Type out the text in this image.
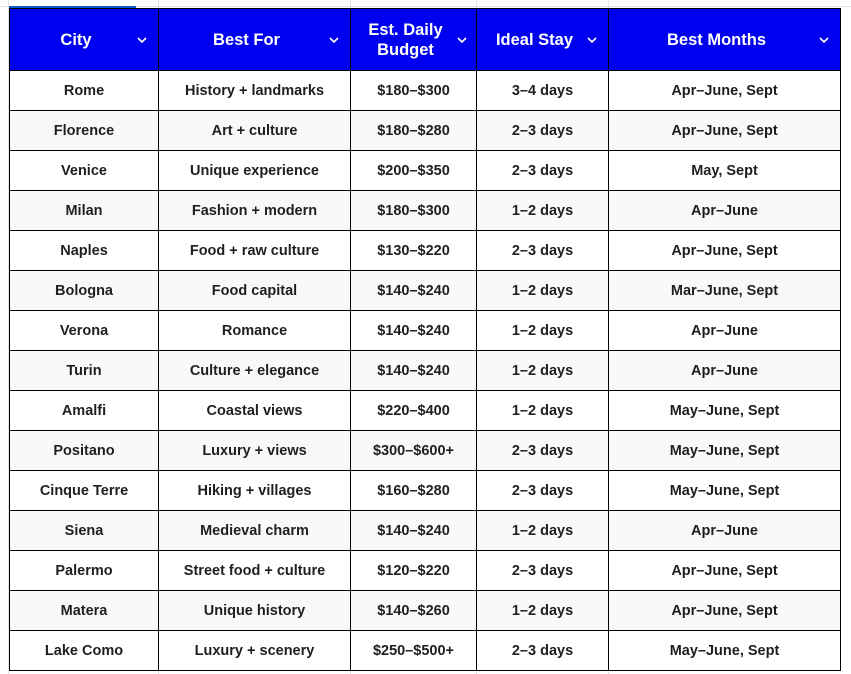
City	Best For	Est. Daily Budget	Ideal Stay	Best Months

Rome	History + landmarks	$180–$300	3–4 days	Apr–June, Sept
Florence	Art + culture	$180–$280	2–3 days	Apr–June, Sept
Venice	Unique experience	$200–$350	2–3 days	May, Sept
Milan	Fashion + modern	$180–$300	1–2 days	Apr–June
Naples	Food + raw culture	$130–$220	2–3 days	Apr–June, Sept
Bologna	Food capital	$140–$240	1–2 days	Mar–June, Sept
Verona	Romance	$140–$240	1–2 days	Apr–June
Turin	Culture + elegance	$140–$240	1–2 days	Apr–June
Amalfi	Coastal views	$220–$400	1–2 days	May–June, Sept
Positano	Luxury + views	$300–$600+	2–3 days	May–June, Sept
Cinque Terre	Hiking + villages	$160–$280	2–3 days	May–June, Sept
Siena	Medieval charm	$140–$240	1–2 days	Apr–June
Palermo	Street food + culture	$120–$220	2–3 days	Apr–June, Sept
Matera	Unique history	$140–$260	1–2 days	Apr–June, Sept
Lake Como	Luxury + scenery	$250–$500+	2–3 days	May–June, Sept
